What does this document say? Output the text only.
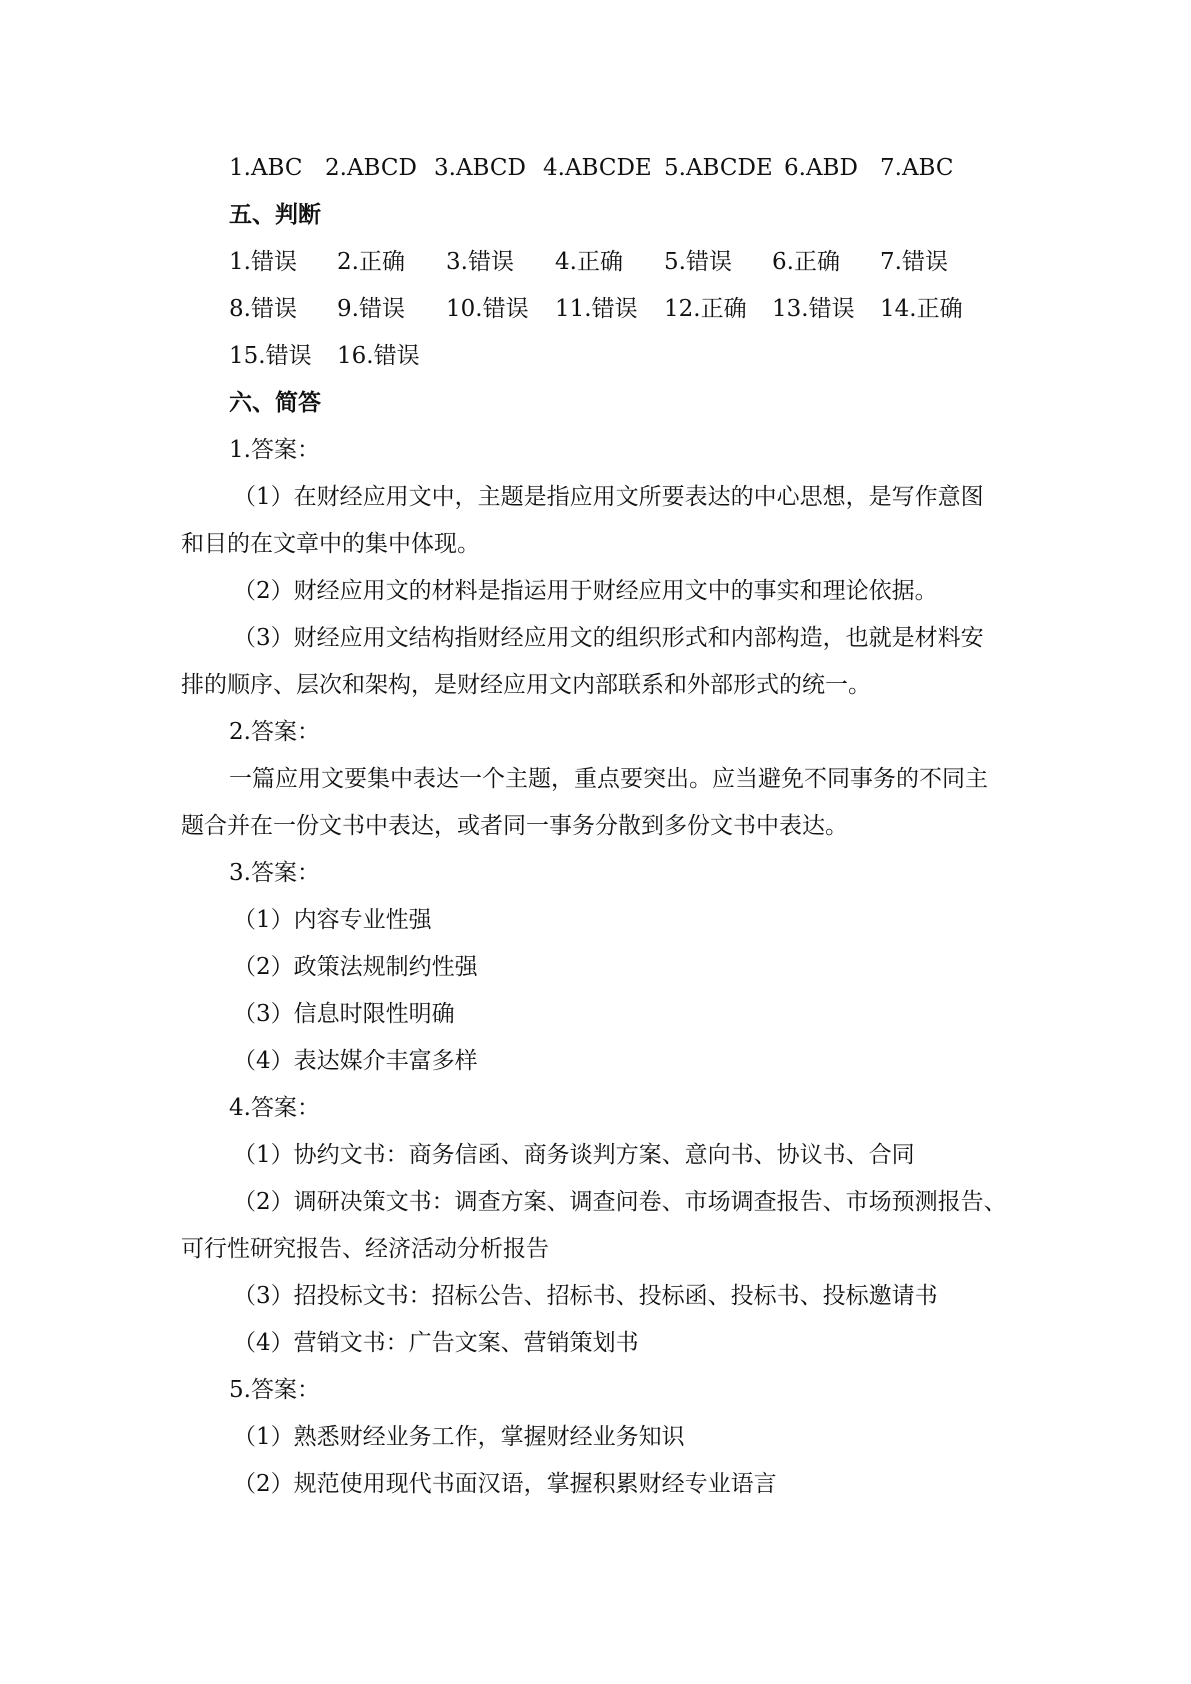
1.ABC 2.ABCD 3.ABCD 4.ABCDE 5.ABCDE 6.ABD 7.ABC
五、判断
1.错误 2.正确 3.错误 4.正确 5.错误 6.正确 7.错误
8.错误 9.错误 10.错误 11.错误 12.正确 13.错误 14.正确
15.错误 16.错误
六、简答
1.答案：
（1）在财经应用文中，主题是指应用文所要表达的中心思想，是写作意图
和目的在文章中的集中体现。
（2）财经应用文的材料是指运用于财经应用文中的事实和理论依据。
（3）财经应用文结构指财经应用文的组织形式和内部构造，也就是材料安
排的顺序、层次和架构，是财经应用文内部联系和外部形式的统一。
2.答案：
一篇应用文要集中表达一个主题，重点要突出。应当避免不同事务的不同主
题合并在一份文书中表达，或者同一事务分散到多份文书中表达。
3.答案：
（1）内容专业性强
（2）政策法规制约性强
（3）信息时限性明确
（4）表达媒介丰富多样
4.答案：
（1）协约文书：商务信函、商务谈判方案、意向书、协议书、合同
（2）调研决策文书：调查方案、调查问卷、市场调查报告、市场预测报告、
可行性研究报告、经济活动分析报告
（3）招投标文书：招标公告、招标书、投标函、投标书、投标邀请书
（4）营销文书：广告文案、营销策划书
5.答案：
（1）熟悉财经业务工作，掌握财经业务知识
（2）规范使用现代书面汉语，掌握积累财经专业语言
